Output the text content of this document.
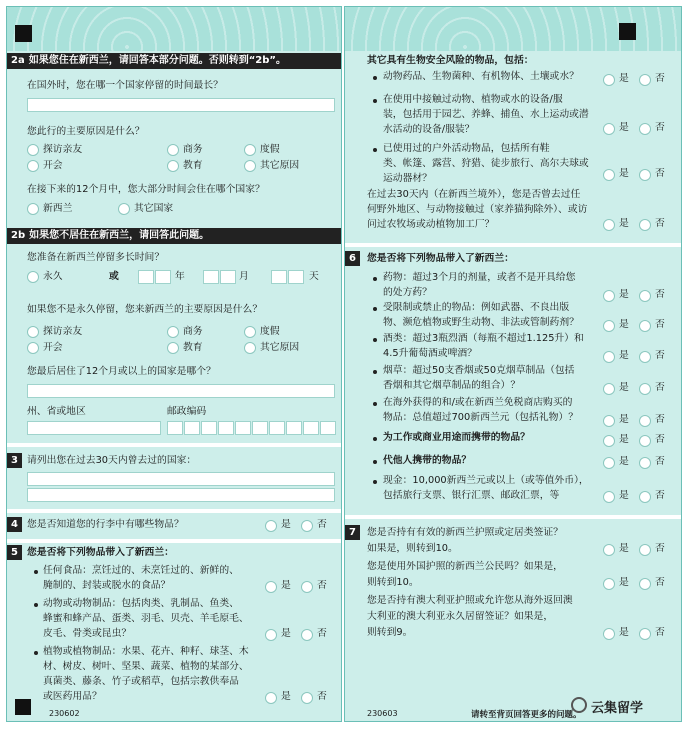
2a 如果您住在新西兰，请回答本部分问题。否则转到“2b”。
在国外时，您在哪一个国家停留的时间最长？
您此行的主要原因是什么？
探访亲友	商务	度假
开会	教育	其它原因
在接下来的12个月中，您大部分时间会住在哪个国家？
新西兰	其它国家
2b 如果您不居住在新西兰，请回答此问题。
您准备在新西兰停留多长时间？
永久	或	年	月	天
如果您不是永久停留，您来新西兰的主要原因是什么？
探访亲友	商务	度假
开会	教育	其它原因
您最后居住了12个月或以上的国家是哪个？
州、省或地区	邮政编码
3 请列出您在过去30天内曾去过的国家：
4 您是否知道您的行李中有哪些物品？	是	否
5 您是否将下列物品带入了新西兰：
任何食品：烹饪过的、未烹饪过的、新鲜的、
腌制的、封装或脱水的食品？	是	否
动物或动物制品：包括肉类、乳制品、鱼类、
蜂蜜和蜂产品、蛋类、羽毛、贝壳、羊毛原毛、
皮毛、骨类或昆虫？	是	否
植物或植物制品：水果、花卉、种籽、球茎、木
材、树皮、树叶、坚果、蔬菜、植物的某部分、
真菌类、藤条、竹子或稻草，包括宗教供奉品
或医药用品？	是	否
230602
其它具有生物安全风险的物品，包括：
动物药品、生物菌种、有机物体、土壤或水？	是	否
在使用中接触过动物、植物或水的设备/服
装，包括用于园艺、养蜂、捕鱼、水上运动或潜
水活动的设备/服装？	是	否
已使用过的户外活动物品，包括所有鞋
类、帐篷、露营、狩猎、徒步旅行、高尔夫球或
运动器材？	是	否
在过去30天内（在新西兰境外），您是否曾去过任
何野外地区、与动物接触过（家养猫狗除外）、或访
问过农牧场或动植物加工厂？	是	否
6	您是否将下列物品带入了新西兰：
药物：超过3个月的剂量，或者不是开具给您
的处方药？	是	否
受限制或禁止的物品：例如武器、不良出版
物、濒危植物或野生动物、非法或管制药剂？	是	否
酒类：超过3瓶烈酒（每瓶不超过1.125升）和
4.5升葡萄酒或啤酒？	是	否
烟草：超过50支香烟或50克烟草制品（包括
香烟和其它烟草制品的组合）？	是	否
在海外获得的和/或在新西兰免税商店购买的
物品：总值超过700新西兰元（包括礼物）？	是	否
为工作或商业用途而携带的物品？	是	否
代他人携带的物品？	是	否
现金：10,000新西兰元或以上（或等值外币），
包括旅行支票、银行汇票、邮政汇票，等	是	否
7	您是否持有有效的新西兰护照或定居类签证？
如果是，则转到10。	是	否
您是使用外国护照的新西兰公民吗？如果是，
则转到10。	是	否
您是否持有澳大利亚护照或允许您从海外返回澳
大利亚的澳大利亚永久居留签证？如果是，
则转到9。	是	否
230603	请转至背页回答更多的问题。 云集留学
